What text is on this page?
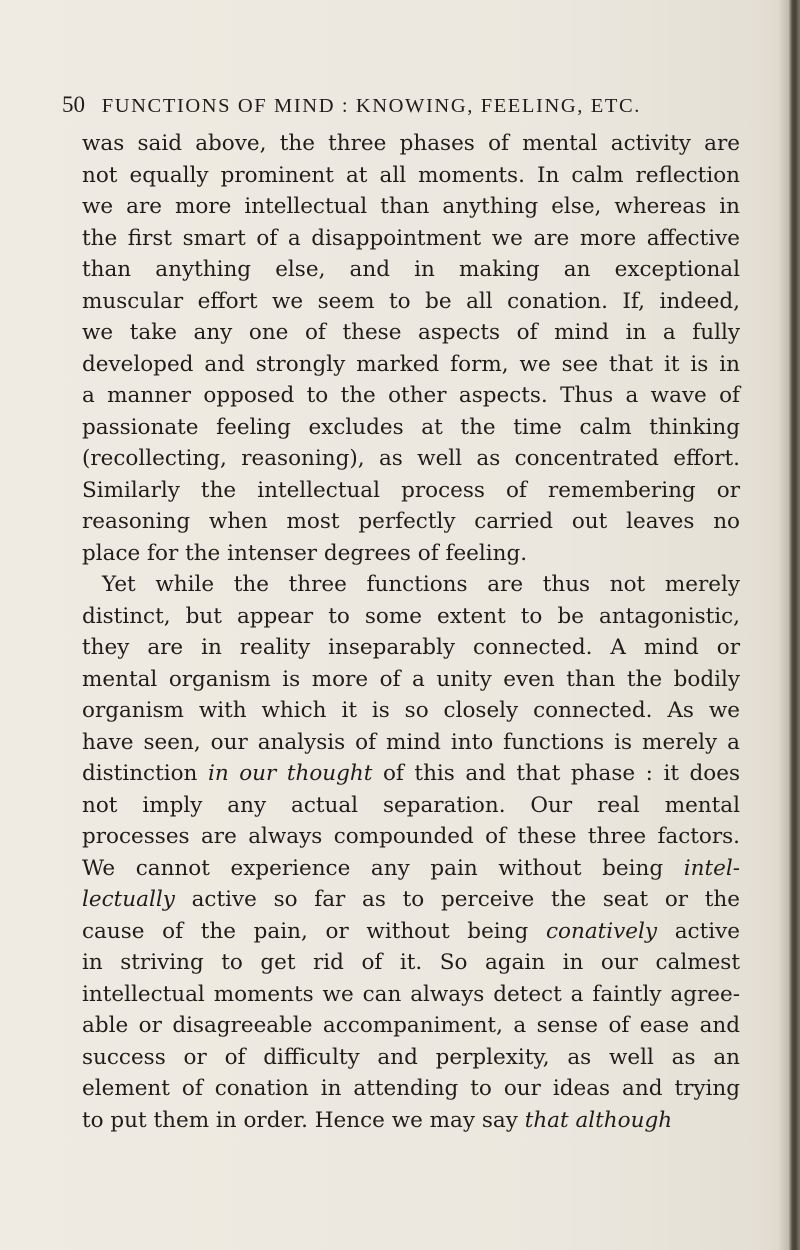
50 FUNCTIONS OF MIND : KNOWING, FEELING, ETC.
was said above, the three phases of mental activity are
not equally prominent at all moments. In calm reflection
we are more intellectual than anything else, whereas in
the first smart of a disappointment we are more affective
than anything else, and in making an exceptional
muscular effort we seem to be all conation. If, indeed,
we take any one of these aspects of mind in a fully
developed and strongly marked form, we see that it is in
a manner opposed to the other aspects. Thus a wave of
passionate feeling excludes at the time calm thinking
(recollecting, reasoning), as well as concentrated effort.
Similarly the intellectual process of remembering or
reasoning when most perfectly carried out leaves no
place for the intenser degrees of feeling.
Yet while the three functions are thus not merely
distinct, but appear to some extent to be antagonistic,
they are in reality inseparably connected. A mind or
mental organism is more of a unity even than the bodily
organism with which it is so closely connected. As we
have seen, our analysis of mind into functions is merely a
distinction in our thought of this and that phase : it does
not imply any actual separation. Our real mental
processes are always compounded of these three factors.
We cannot experience any pain without being intel-
lectually active so far as to perceive the seat or the
cause of the pain, or without being conatively active
in striving to get rid of it. So again in our calmest
intellectual moments we can always detect a faintly agree-
able or disagreeable accompaniment, a sense of ease and
success or of difficulty and perplexity, as well as an
element of conation in attending to our ideas and trying
to put them in order. Hence we may say that although
